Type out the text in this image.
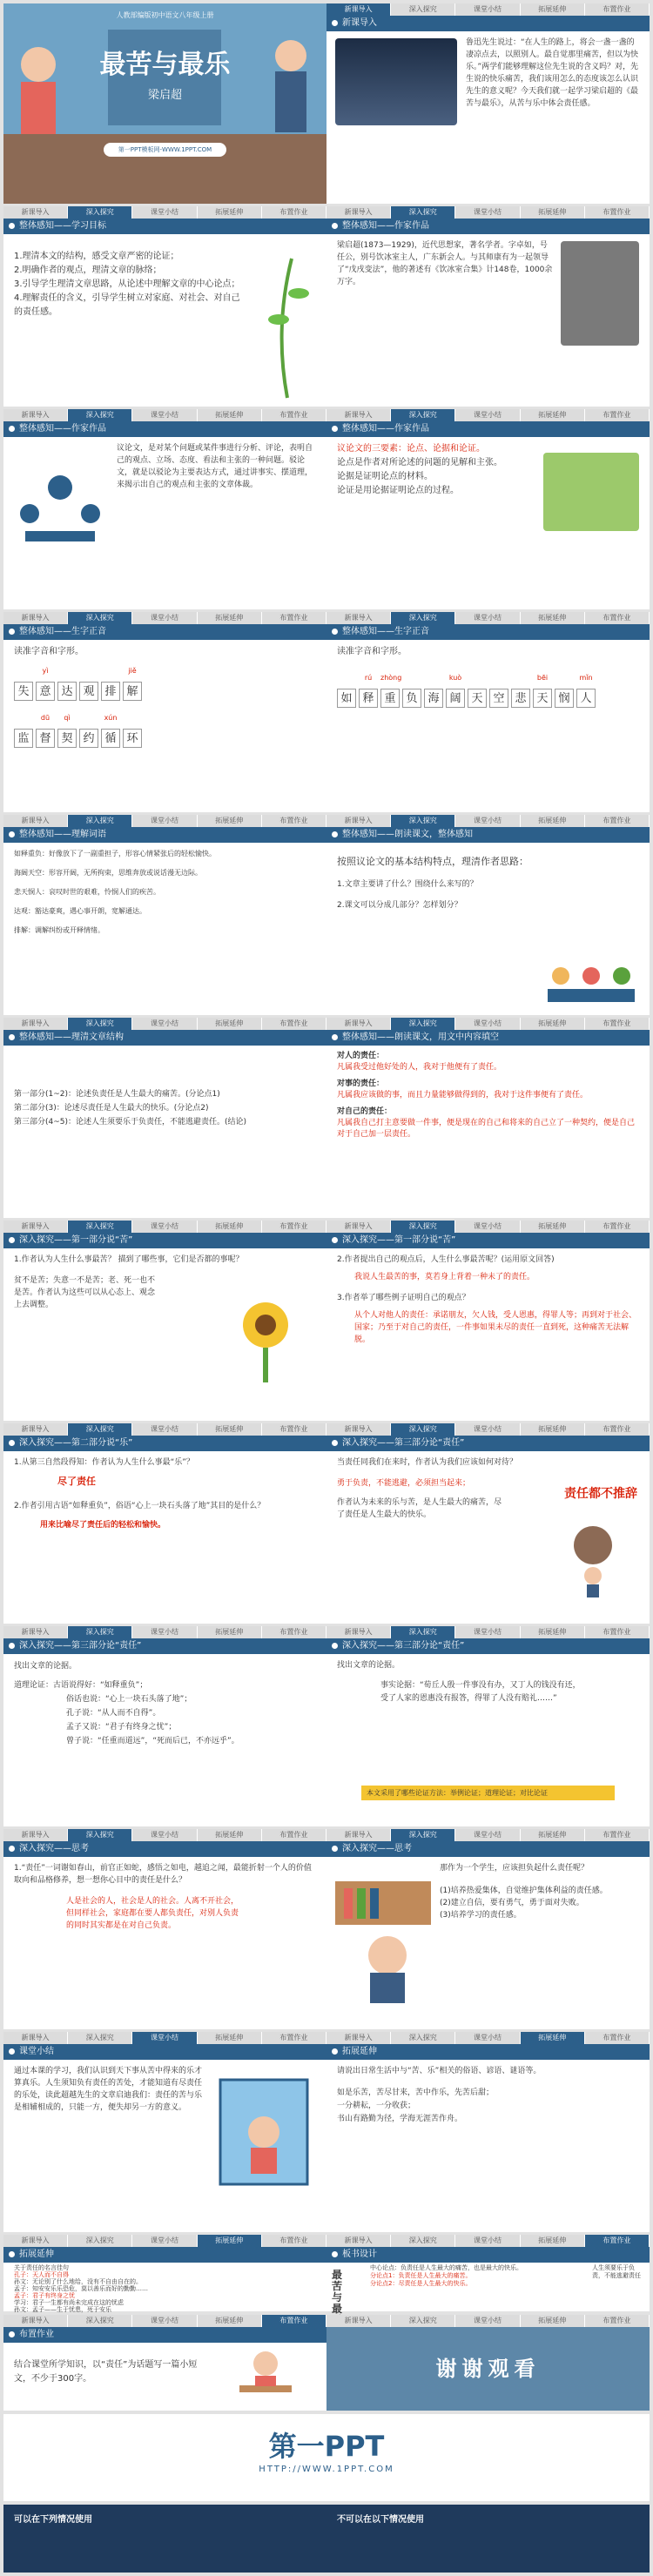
人教部编版初中语文八年级上册
最苦与最乐
梁启超
第一PPT模板网-WWW.1PPT.COM
新课导入	深入探究	课堂小结	拓展延伸	布置作业
新课导入
鲁迅先生说过：“在人生的路上，将会一盏一盏的凄凉点去，以照别人。最自觉那里痛苦，但以为快乐。”两学们能够理解这位先生说的含义吗？对，先生说的快乐痛苦，我们该用怎么的态度该怎么认识先生的意义呢？今天我们就一起学习梁启超的《最苦与最乐》，从苦与乐中体会责任感。
新课导入	深入探究	课堂小结	拓展延伸	布置作业
整体感知——学习目标

1.理清本文的结构，感受文章严密的论证；

2.明确作者的观点，理清文章的脉络；

3.引导学生理清文章思路，从论述中理解文章的中心论点；

4.理解责任的含义，引导学生树立对家庭、对社会、对自己的责任感。

新课导入	深入探究	课堂小结	拓展延伸	布置作业
整体感知——作家作品
梁启超(1873—1929)，近代思想家，著名学者。字卓如，号任公，别号饮冰室主人，广东新会人。与其师康有为一起领导了“戊戌变法”，他的著述有《饮冰室合集》计148卷，1000余万字。
新课导入	深入探究	课堂小结	拓展延伸	布置作业
整体感知——作家作品
议论文，是对某个问题或某件事进行分析、评论，表明自己的观点、立场、态度、看法和主张的一种问题。驳论文，就是以驳论为主要表达方式，通过讲事实、摆道理，来揭示出自己的观点和主张的文章体裁。
新课导入	深入探究	课堂小结	拓展延伸	布置作业
整体感知——作家作品

议论文的三要素：论点、论据和论证。

论点是作者对所论述的问题的见解和主张。

论据是证明论点的材料。

论证是用论据证明论点的过程。

新课导入	深入探究	课堂小结	拓展延伸	布置作业
整体感知——生字正音

读准字音和字形。

yì	jiě
失 意 达 观 排 解
dū	qì	xún
监 督 契 约 循 环
新课导入	深入探究	课堂小结	拓展延伸	布置作业
整体感知——生字正音

读准字音和字形。

rú	zhòng	kuò	bēi	mǐn
如 释 重 负 海 阔 天 空 悲 天 悯 人
新课导入	深入探究	课堂小结	拓展延伸	布置作业
整体感知——理解词语

如释重负：好像放下了一副重担子，形容心情紧张后的轻松愉快。

海阔天空：形容开阔，无所拘束，思维奔放或说话漫无边际。

悲天悯人：哀叹时世的艰难，怜悯人们的疾苦。

达观：豁达豪爽，遇心事开朗，宽解通达。

排解：调解纠纷或开释情绪。

新课导入	深入探究	课堂小结	拓展延伸	布置作业
整体感知——朗读课文，整体感知

按照议论文的基本结构特点，理清作者思路：

1.文章主要讲了什么？围绕什么来写的？

2.课文可以分成几部分？怎样划分？

新课导入	深入探究	课堂小结	拓展延伸	布置作业
整体感知——理清文章结构

第一部分(1~2)：论述负责任是人生最大的痛苦。(分论点1)

第二部分(3)：论述尽责任是人生最大的快乐。(分论点2)

第三部分(4~5)：论述人生须要乐于负责任，不能逃避责任。(结论)

新课导入	深入探究	课堂小结	拓展延伸	布置作业
整体感知——朗读课文，用文中内容填空

对人的责任：

凡属我受过他好处的人，我对于他便有了责任。

对事的责任：

凡属我应该做的事，而且力量能够做得到的，我对于这件事便有了责任。

对自己的责任：

凡属我自己打主意要做一件事，便是现在的自己和将来的自己立了一种契约，便是自己对于自己加一层责任。

新课导入	深入探究	课堂小结	拓展延伸	布置作业
深入探究——第一部分说“苦”

1.作者认为人生什么事最苦？ 描到了哪些事，它们是否都的事呢？

贫不是苦；失意一不是苦；老、死一也不是苦。作者认为这些可以从心态上、观念上去调整。

新课导入	深入探究	课堂小结	拓展延伸	布置作业
深入探究——第一部分说“苦”

2.作者提出自己的观点后，人生什么事最苦呢？(运用原文回答)

我说人生最苦的事，莫若身上背着一种未了的责任。

3.作者举了哪些例子证明自己的观点？

从个人对他人的责任：承诺朋友，欠人钱，受人恩惠，得罪人等；再到对于社会、国家；乃至于对自己的责任，一件事如果未尽的责任一直到死，这种痛苦无法解脱。

新课导入	深入探究	课堂小结	拓展延伸	布置作业
深入探究——第二部分说“乐”

1.从第三自然段得知：作者认为人生什么事最“乐”？

尽了责任

2.作者引用古语“如释重负”，俗语“心上一块石头落了地”其目的是什么？

用来比喻尽了责任后的轻松和愉快。

新课导入	深入探究	课堂小结	拓展延伸	布置作业
深入探究——第三部分论“责任”

当责任同我们在来时，作者认为我们应该如何对待？

勇于负责，不能逃避，必须担当起来；

作者认为未来的乐与苦，是人生最大的痛苦，尽了责任是人生最大的快乐。

责任都不推辞
新课导入	深入探究	课堂小结	拓展延伸	布置作业
深入探究——第三部分论“责任”

找出文章的论据。

道理论证：古语说得好：“如释重负”；

俗话也说：“心上一块石头落了地”；

孔子说：“从人而不自得”。

孟子又说：“君子有终身之忧”；

曾子说：“任重而道远”，“死而后已，不亦远乎”。

新课导入	深入探究	课堂小结	拓展延伸	布置作业
深入探究——第三部分论“责任”

找出文章的论据。

事实论据：“荀丘人殷一件事没有办，又丁人的钱没有还，受了人家的恩惠没有报答，得罪了人没有赔礼……”

本文采用了哪些论证方法：举例论证；道理论证；对比论证
新课导入	深入探究	课堂小结	拓展延伸	布置作业
深入探究——思考

1.“责任”一词谢如春山，前官正如蛇，感悟之如电，越追之闻，最能折射一个人的价值取向和品格修养，想一想你心目中的责任是什么？

人是社会的人，社会是人的社会。人离不开社会，但同样社会，家庭都在要人都负责任，对别人负责的同时其实都是在对自己负责。

新课导入	深入探究	课堂小结	拓展延伸	布置作业
深入探究——思考

那作为一个学生，应该担负起什么责任呢？

(1)培养热爱集体，自觉维护集体利益的责任感。

(2)建立自信，要有勇气，勇于面对失败。

(3)培养学习的责任感。

新课导入	深入探究	课堂小结	拓展延伸	布置作业
课堂小结
通过本课的学习，我们认识到天下事从苦中得来的乐才算真乐。人生须知负有责任的苦处，才能知道有尽责任的乐处，读此超越先生的文章启迪我们：责任的苦与乐是相辅相成的，只能一方，便失却另一方的意义。
新课导入	深入探究	课堂小结	拓展延伸	布置作业
拓展延伸

请说出日常生活中与“苦、乐”相关的俗语、谚语、谜语等。

如是乐苦，苦尽甘来，苦中作乐，先苦后甜；

一分耕耘，一分收获；

书山有路勤为径，学海无涯苦作舟。

新课导入	深入探究	课堂小结	拓展延伸	布置作业
拓展延伸

关于责任的名言佳句

孔子：天人而不自得

孙文：无论别了什么地给，没有不自由自在的。

孟子：知安安乐乐恐危，莫以善乐而好的勤勤……

孟子：君子有终身之忧

学习：君子一生都有尚未完成在这的忧虑

孙文：孟子——生于忧患，死于安乐

新课导入	深入探究	课堂小结	拓展延伸	布置作业
板书设计
最苦与最

中心论点：负责任是人生最大的痛苦，也是最大的快乐。

分论点1：负责任是人生最大的痛苦。

分论点2：尽责任是人生最大的快乐。

人生须要乐于负责，不能逃避责任
新课导入	深入探究	课堂小结	拓展延伸	布置作业
布置作业
结合课堂所学知识，以“责任”为话题写一篇小短文，不少于300字。
新课导入	深入探究	课堂小结	拓展延伸	布置作业
谢谢观看
第一PPT
HTTP://WWW.1PPT.COM
可以在下列情况使用	不可以在以下情况使用
